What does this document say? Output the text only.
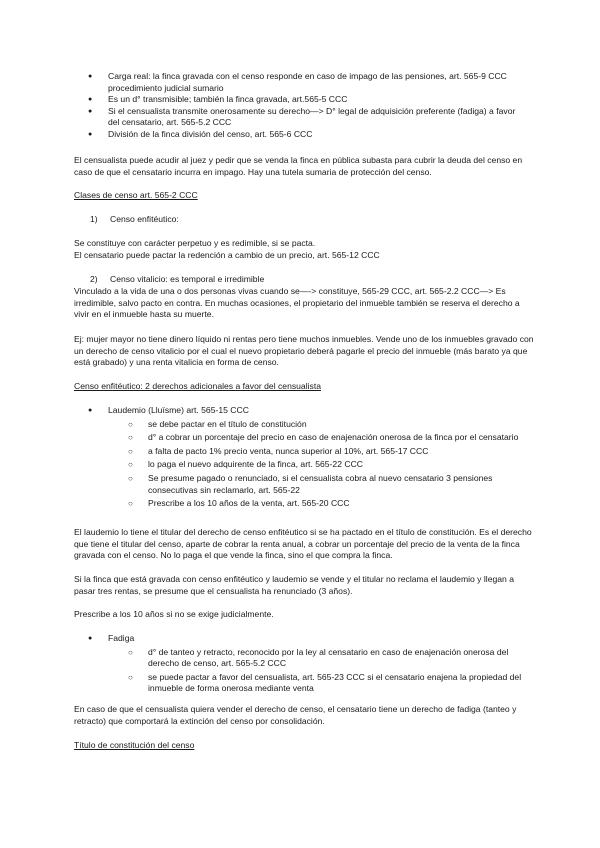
● Carga real: la finca gravada con el censo responde en caso de impago de las pensiones, art. 565-9 CCC procedimiento judicial sumario
● Es un d° transmisible; también la finca gravada, art.565-5 CCC
● Si el censualista transmite onerosamente su derecho—> D° legal de adquisición preferente (fadiga) a favor del censatario, art. 565-5.2 CCC
● División de la finca división del censo, art. 565-6 CCC

El censualista puede acudir al juez y pedir que se venda la finca en pública subasta para cubrir la deuda del censo en caso de que el censatario incurra en impago. Hay una tutela sumaria de protección del censo.

Clases de censo art. 565-2 CCC

1) Censo enfitéutico:

Se constituye con carácter perpetuo y es redimible, si se pacta.

El censatario puede pactar la redención a cambio de un precio, art. 565-12 CCC

2) Censo vitalicio: es temporal e irredimible

Vinculado a la vida de una o dos personas vivas cuando se—-> constituye, 565-29 CCC, art. 565-2.2 CCC—> Es irredimible, salvo pacto en contra. En muchas ocasiones, el propietario del inmueble también se reserva el derecho a vivir en el inmueble hasta su muerte.

Ej: mujer mayor no tiene dinero líquido ni rentas pero tiene muchos inmuebles. Vende uno de los inmuebles gravado con un derecho de censo vitalicio por el cual el nuevo propietario deberá pagarle el precio del inmueble (más barato ya que está grabado) y una renta vitalicia en forma de censo.

Censo enfitéutico: 2 derechos adicionales a favor del censualista

● Laudemio (Lluïsme) art. 565-15 CCC
○ se debe pactar en el título de constitución
○ d° a cobrar un porcentaje del precio en caso de enajenación onerosa de la finca por el censatario
○ a falta de pacto 1% precio venta, nunca superior al 10%, art. 565-17 CCC
○ lo paga el nuevo adquirente de la finca, art. 565-22 CCC
○ Se presume pagado o renunciado, si el censualista cobra al nuevo censatario 3 pensiones consecutivas sin reclamarlo, art. 565-22
○ Prescribe a los 10 años de la venta, art. 565-20 CCC

El laudemio lo tiene el titular del derecho de censo enfitéutico si se ha pactado en el título de constitución. Es el derecho que tiene el titular del censo, aparte de cobrar la renta anual, a cobrar un porcentaje del precio de la venta de la finca gravada con el censo. No lo paga el que vende la finca, sino el que compra la finca.

Si la finca que está gravada con censo enfitéutico y laudemio se vende y el titular no reclama el laudemio y llegan a pasar tres rentas, se presume que el censualista ha renunciado (3 años).

Prescribe a los 10 años si no se exige judicialmente.

● Fadiga
○ d° de tanteo y retracto, reconocido por la ley al censatario en caso de enajenación onerosa del derecho de censo, art. 565-5.2 CCC
○ se puede pactar a favor del censualista, art. 565-23 CCC si el censatario enajena la propiedad del inmueble de forma onerosa mediante venta

En caso de que el censualista quiera vender el derecho de censo, el censatario tiene un derecho de fadiga (tanteo y retracto) que comportará la extinción del censo por consolidación.

Título de constitución del censo
